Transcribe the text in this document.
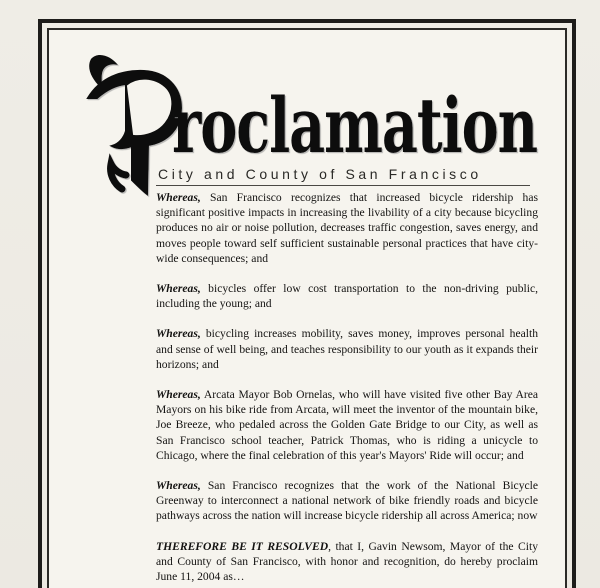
roclamation
City and County of San Francisco

Whereas, San Francisco recognizes that increased bicycle ridership has significant positive impacts in increasing the livability of a city because bicycling produces no air or noise pollution, decreases traffic congestion, saves energy, and moves people toward self sufficient sustainable personal practices that have city-wide consequences; and

Whereas, bicycles offer low cost transportation to the non-driving public, including the young; and

Whereas, bicycling increases mobility, saves money, improves personal health and sense of well being, and teaches responsibility to our youth as it expands their horizons; and

Whereas, Arcata Mayor Bob Ornelas, who will have visited five other Bay Area Mayors on his bike ride from Arcata, will meet the inventor of the mountain bike, Joe Breeze, who pedaled across the Golden Gate Bridge to our City, as well as San Francisco school teacher, Patrick Thomas, who is riding a unicycle to Chicago, where the final celebration of this year's Mayors' Ride will occur; and

Whereas, San Francisco recognizes that the work of the National Bicycle Greenway to interconnect a national network of bike friendly roads and bicycle pathways across the nation will increase bicycle ridership all across America; now

THEREFORE BE IT RESOLVED, that I, Gavin Newsom, Mayor of the City and County of San Francisco, with honor and recognition, do hereby proclaim June 11, 2004 as…
